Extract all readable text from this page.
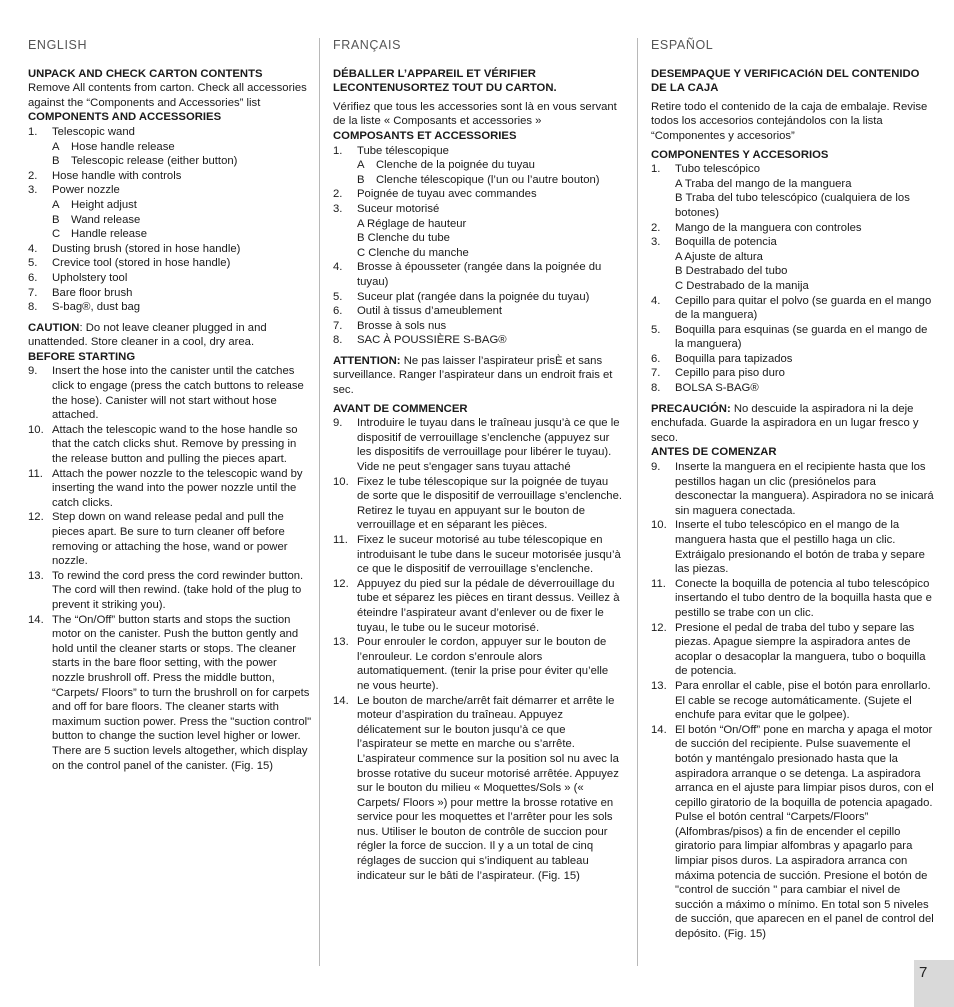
ENGLISH
UNPACK AND CHECK CARTON CONTENTS
Remove All contents from carton. Check all accessories against the “Components and Accessories” list
COMPONENTS AND ACCESSORIES
1.	Telescopic wand
A	Hose handle release
B	Telescopic release (either button)
2.	Hose handle with controls
3.	Power nozzle
A	Height adjust
B	Wand release
C Handle release
4.	Dusting brush (stored in hose handle)
5.	Crevice tool (stored in hose handle)
6.	Upholstery tool
7.	Bare floor brush
8.	S-bag®, dust bag
CAUTION: Do not leave cleaner plugged in and unattended. Store cleaner in a cool, dry area.
BEFORE STARTING
9.	Insert the hose into the canister until the catches click to engage (press the catch buttons to release the hose). Canister will not start without hose attached.
10. Attach the telescopic wand to the hose handle so that the catch clicks shut. Remove by pressing in the release button and pulling the pieces apart.
11. Attach the power nozzle to the telescopic wand by inserting the wand into the power nozzle until the catch clicks.
12. Step down on wand release pedal and pull the pieces apart. Be sure to turn cleaner off before removing or attaching the hose, wand or power nozzle.
13. To rewind the cord press the cord rewinder button. The cord will then rewind. (take hold of the plug to prevent it striking you).
14. The “On/Off” button starts and stops the suction motor on the canister. Push the button gently and hold until the cleaner starts or stops. The cleaner starts in the bare floor setting, with the power nozzle brushroll off. Press the middle button, “Carpets/ Floors” to turn the brushroll on for carpets and off for bare floors. The cleaner starts with maximum suction power. Press the "suction control" button to change the suction level higher or lower. There are 5 suction levels altogether, which display on the control panel of the canister. (Fig. 15)
FRANÇAIS
DÉBALLER L’APPAREIL ET VÉRIFIER LECONTENUSORTEZ TOUT DU CARTON.
Vérifiez que tous les accessories sont là en vous servant de la liste « Composants et accessories »
COMPOSANTS ET ACCESSORIES
1.	Tube télescopique
A	Clenche de la poignée du tuyau
B	Clenche télescopique (l’un ou l’autre bouton)
2.	Poignée de tuyau avec commandes
3.	Suceur motorisé
A Réglage de hauteur
B Clenche du tube
C Clenche du manche
4.	Brosse à épousseter (rangée dans la poignée du tuyau)
5.	Suceur plat (rangée dans la poignée du tuyau)
6.	Outil à tissus d’ameublement
7.	Brosse à sols nus
8.	SAC À POUSSIÈRE S-BAG®
ATTENTION: Ne pas laisser l’aspirateur prisÈ et sans surveillance. Ranger l’aspirateur dans un endroit frais et sec.
AVANT DE COMMENCER
9.	Introduire le tuyau dans le traîneau jusqu’à ce que le dispositif de verrouillage s’enclenche (appuyez sur les dispositifs de verrouillage pour libérer le tuyau). Vide ne peut s'engager sans tuyau attaché
10. Fixez le tube télescopique sur la poignée de tuyau de sorte que le dispositif de verrouillage s’enclenche. Retirez le tuyau en appuyant sur le bouton de verrouillage et en séparant les pièces.
11. Fixez le suceur motorisé au tube télescopique en introduisant le tube dans le suceur motorisée jusqu’à ce que le dispositif de verrouillage s’enclenche.
12. Appuyez du pied sur la pédale de déverrouillage du tube et séparez les pièces en tirant dessus. Veillez à éteindre l’aspirateur avant d’enlever ou de fixer le tuyau, le tube ou le suceur motorisé.
13. Pour enrouler le cordon, appuyer sur le bouton de l’enrouleur. Le cordon s’enroule alors automatiquement. (tenir la prise pour éviter qu’elle ne vous heurte).
14. Le bouton de marche/arrêt fait démarrer et arrête le moteur d’aspiration du traîneau. Appuyez délicatement sur le bouton jusqu’à ce que l’aspirateur se mette en marche ou s’arrête. L’aspirateur commence sur la position sol nu avec la brosse rotative du suceur motorisé arrêtée. Appuyez sur le bouton du milieu « Moquettes/Sols » (« Carpets/ Floors ») pour mettre la brosse rotative en service pour les moquettes et l’arrêter pour les sols nus. Utiliser le bouton de contrôle de succion pour régler la force de succion. Il y a un total de cinq réglages de succion qui s’indiquent au tableau indicateur sur le bâti de l’aspirateur. (Fig. 15)
ESPAÑOL
DESEMPAQUE Y VERIFICACIóN DEL CONTENIDO DE LA CAJA
Retire todo el contenido de la caja de embalaje. Revise todos los accesorios contejándolos con la lista “Componentes y accesorios”
COMPONENTES Y ACCESORIOS
1.	Tubo telescópico
A Traba del mango de la manguera
B Traba del tubo telescópico (cualquiera de los botones)
2.	Mango de la manguera con controles
3.	Boquilla de potencia
A Ajuste de altura
B Destrabado del tubo
C Destrabado de la manija
4.	Cepillo para quitar el polvo (se guarda en el mango de la manguera)
5.	Boquilla para esquinas (se guarda en el mango de la manguera)
6.	Boquilla para tapizados
7.	Cepillo para piso duro
8.	BOLSA S-BAG®
PRECAUCIÓN: No descuide la aspiradora ni la deje enchufada. Guarde la aspiradora en un lugar fresco y seco.
ANTES DE COMENZAR
9.	Inserte la manguera en el recipiente hasta que los pestillos hagan un clic (presiónelos para desconectar la manguera). Aspiradora no se inicará sin maguera conectada.
10. Inserte el tubo telescópico en el mango de la manguera hasta que el pestillo haga un clic. Extráigalo presionando el botón de traba y separe las piezas.
11. Conecte la boquilla de potencia al tubo telescópico insertando el tubo dentro de la boquilla hasta que e pestillo se trabe con un clic.
12. Presione el pedal de traba del tubo y separe las piezas. Apague siempre la aspiradora antes de acoplar o desacoplar la manguera, tubo o boquilla de potencia.
13. Para enrollar el cable, pise el botón para enrollarlo. El cable se recoge automáticamente. (Sujete el enchufe para evitar que le golpee).
14. El botón “On/Off” pone en marcha y apaga el motor de succión del recipiente. Pulse suavemente el botón y manténgalo presionado hasta que la aspiradora arranque o se detenga. La aspiradora arranca en el ajuste para limpiar pisos duros, con el cepillo giratorio de la boquilla de potencia apagado. Pulse el botón central “Carpets/Floors” (Alfombras/pisos) a fin de encender el cepillo giratorio para limpiar alfombras y apagarlo para limpiar pisos duros. La aspiradora arranca con máxima potencia de succión. Presione el botón de "control de succión " para cambiar el nivel de succión a máximo o mínimo. En total son 5 niveles de succión, que aparecen en el panel de control del depósito. (Fig. 15)
7
